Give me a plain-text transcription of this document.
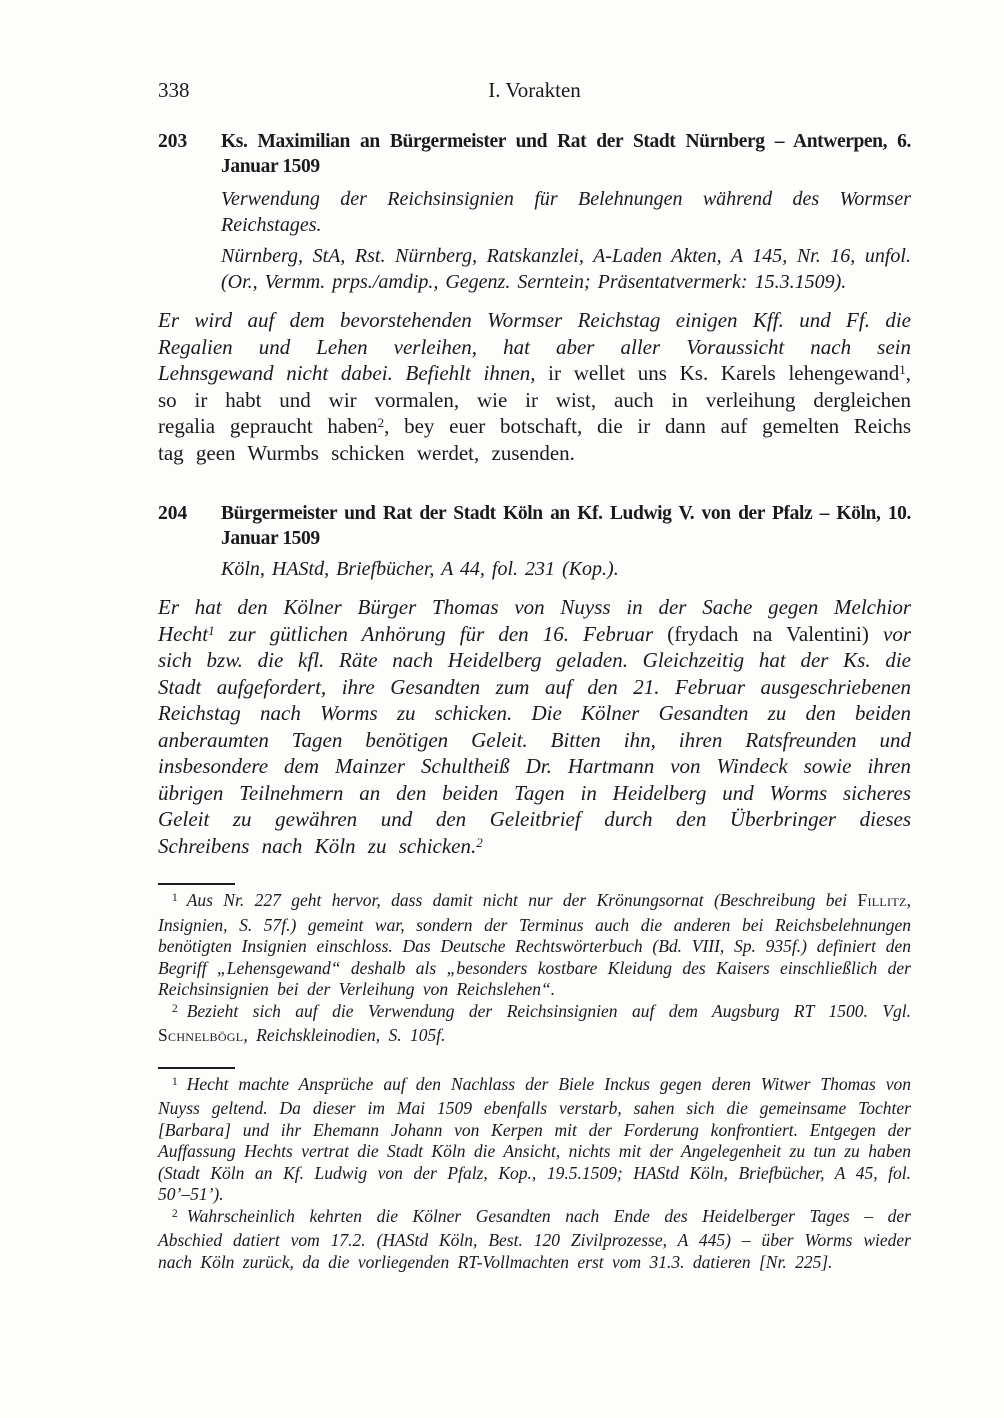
338	I. Vorakten
203	Ks. Maximilian an Bürgermeister und Rat der Stadt Nürnberg – Antwerpen, 6. Januar 1509

Verwendung der Reichsinsignien für Belehnungen während des Wormser Reichstages.

Nürnberg, StA, Rst. Nürnberg, Ratskanzlei, A-Laden Akten, A 145, Nr. 16, unfol. (Or., Vermm. prps./amdip., Gegenz. Serntein; Präsentatvermerk: 15.3.1509).

Er wird auf dem bevorstehenden Wormser Reichstag einigen Kff. und Ff. die Regalien und Lehen verleihen, hat aber aller Voraussicht nach sein Lehnsgewand nicht dabei. Befiehlt ihnen, ir wellet uns Ks. Karels lehengewand$^1$, so ir habt und wir vormalen, wie ir wist, auch in verleihung dergleichen regalia gepraucht haben$^2$, bey euer botschaft, die ir dann auf gemelten Reichs tag geen Wurmbs schicken werdet, zusenden.

204	Bürgermeister und Rat der Stadt Köln an Kf. Ludwig V. von der Pfalz – Köln, 10. Januar 1509

Köln, HAStd, Briefbücher, A 44, fol. 231 (Kop.).

Er hat den Kölner Bürger Thomas von Nuyss in der Sache gegen Melchior Hecht$^1$ zur gütlichen Anhörung für den 16. Februar (frydach na Valentini) vor sich bzw. die kfl. Räte nach Heidelberg geladen. Gleichzeitig hat der Ks. die Stadt aufgefordert, ihre Gesandten zum auf den 21. Februar ausgeschriebenen Reichstag nach Worms zu schicken. Die Kölner Gesandten zu den beiden anberaumten Tagen benötigen Geleit. Bitten ihn, ihren Ratsfreunden und insbesondere dem Mainzer Schultheiß Dr. Hartmann von Windeck sowie ihren übrigen Teilnehmern an den beiden Tagen in Heidelberg und Worms sicheres Geleit zu gewähren und den Geleitbrief durch den Überbringer dieses Schreibens nach Köln zu schicken.$^2$

$^1$ Aus Nr. 227 geht hervor, dass damit nicht nur der Krönungsornat (Beschreibung bei Fillitz, Insignien, S. 57f.) gemeint war, sondern der Terminus auch die anderen bei Reichsbelehnungen benötigten Insignien einschloss. Das Deutsche Rechtswörterbuch (Bd. VIII, Sp. 935f.) definiert den Begriff „Lehensgewand“ deshalb als „besonders kostbare Kleidung des Kaisers einschließlich der Reichsinsignien bei der Verleihung von Reichslehen“.

$^2$ Bezieht sich auf die Verwendung der Reichsinsignien auf dem Augsburg RT 1500. Vgl. Schnelbögl, Reichskleinodien, S. 105f.

$^1$ Hecht machte Ansprüche auf den Nachlass der Biele Inckus gegen deren Witwer Thomas von Nuyss geltend. Da dieser im Mai 1509 ebenfalls verstarb, sahen sich die gemeinsame Tochter [Barbara] und ihr Ehemann Johann von Kerpen mit der Forderung konfrontiert. Entgegen der Auffassung Hechts vertrat die Stadt Köln die Ansicht, nichts mit der Angelegenheit zu tun zu haben (Stadt Köln an Kf. Ludwig von der Pfalz, Kop., 19.5.1509; HAStd Köln, Briefbücher, A 45, fol. 50’–51’).

$^2$ Wahrscheinlich kehrten die Kölner Gesandten nach Ende des Heidelberger Tages – der Abschied datiert vom 17.2. (HAStd Köln, Best. 120 Zivilprozesse, A 445) – über Worms wieder nach Köln zurück, da die vorliegenden RT-Vollmachten erst vom 31.3. datieren [Nr. 225].
